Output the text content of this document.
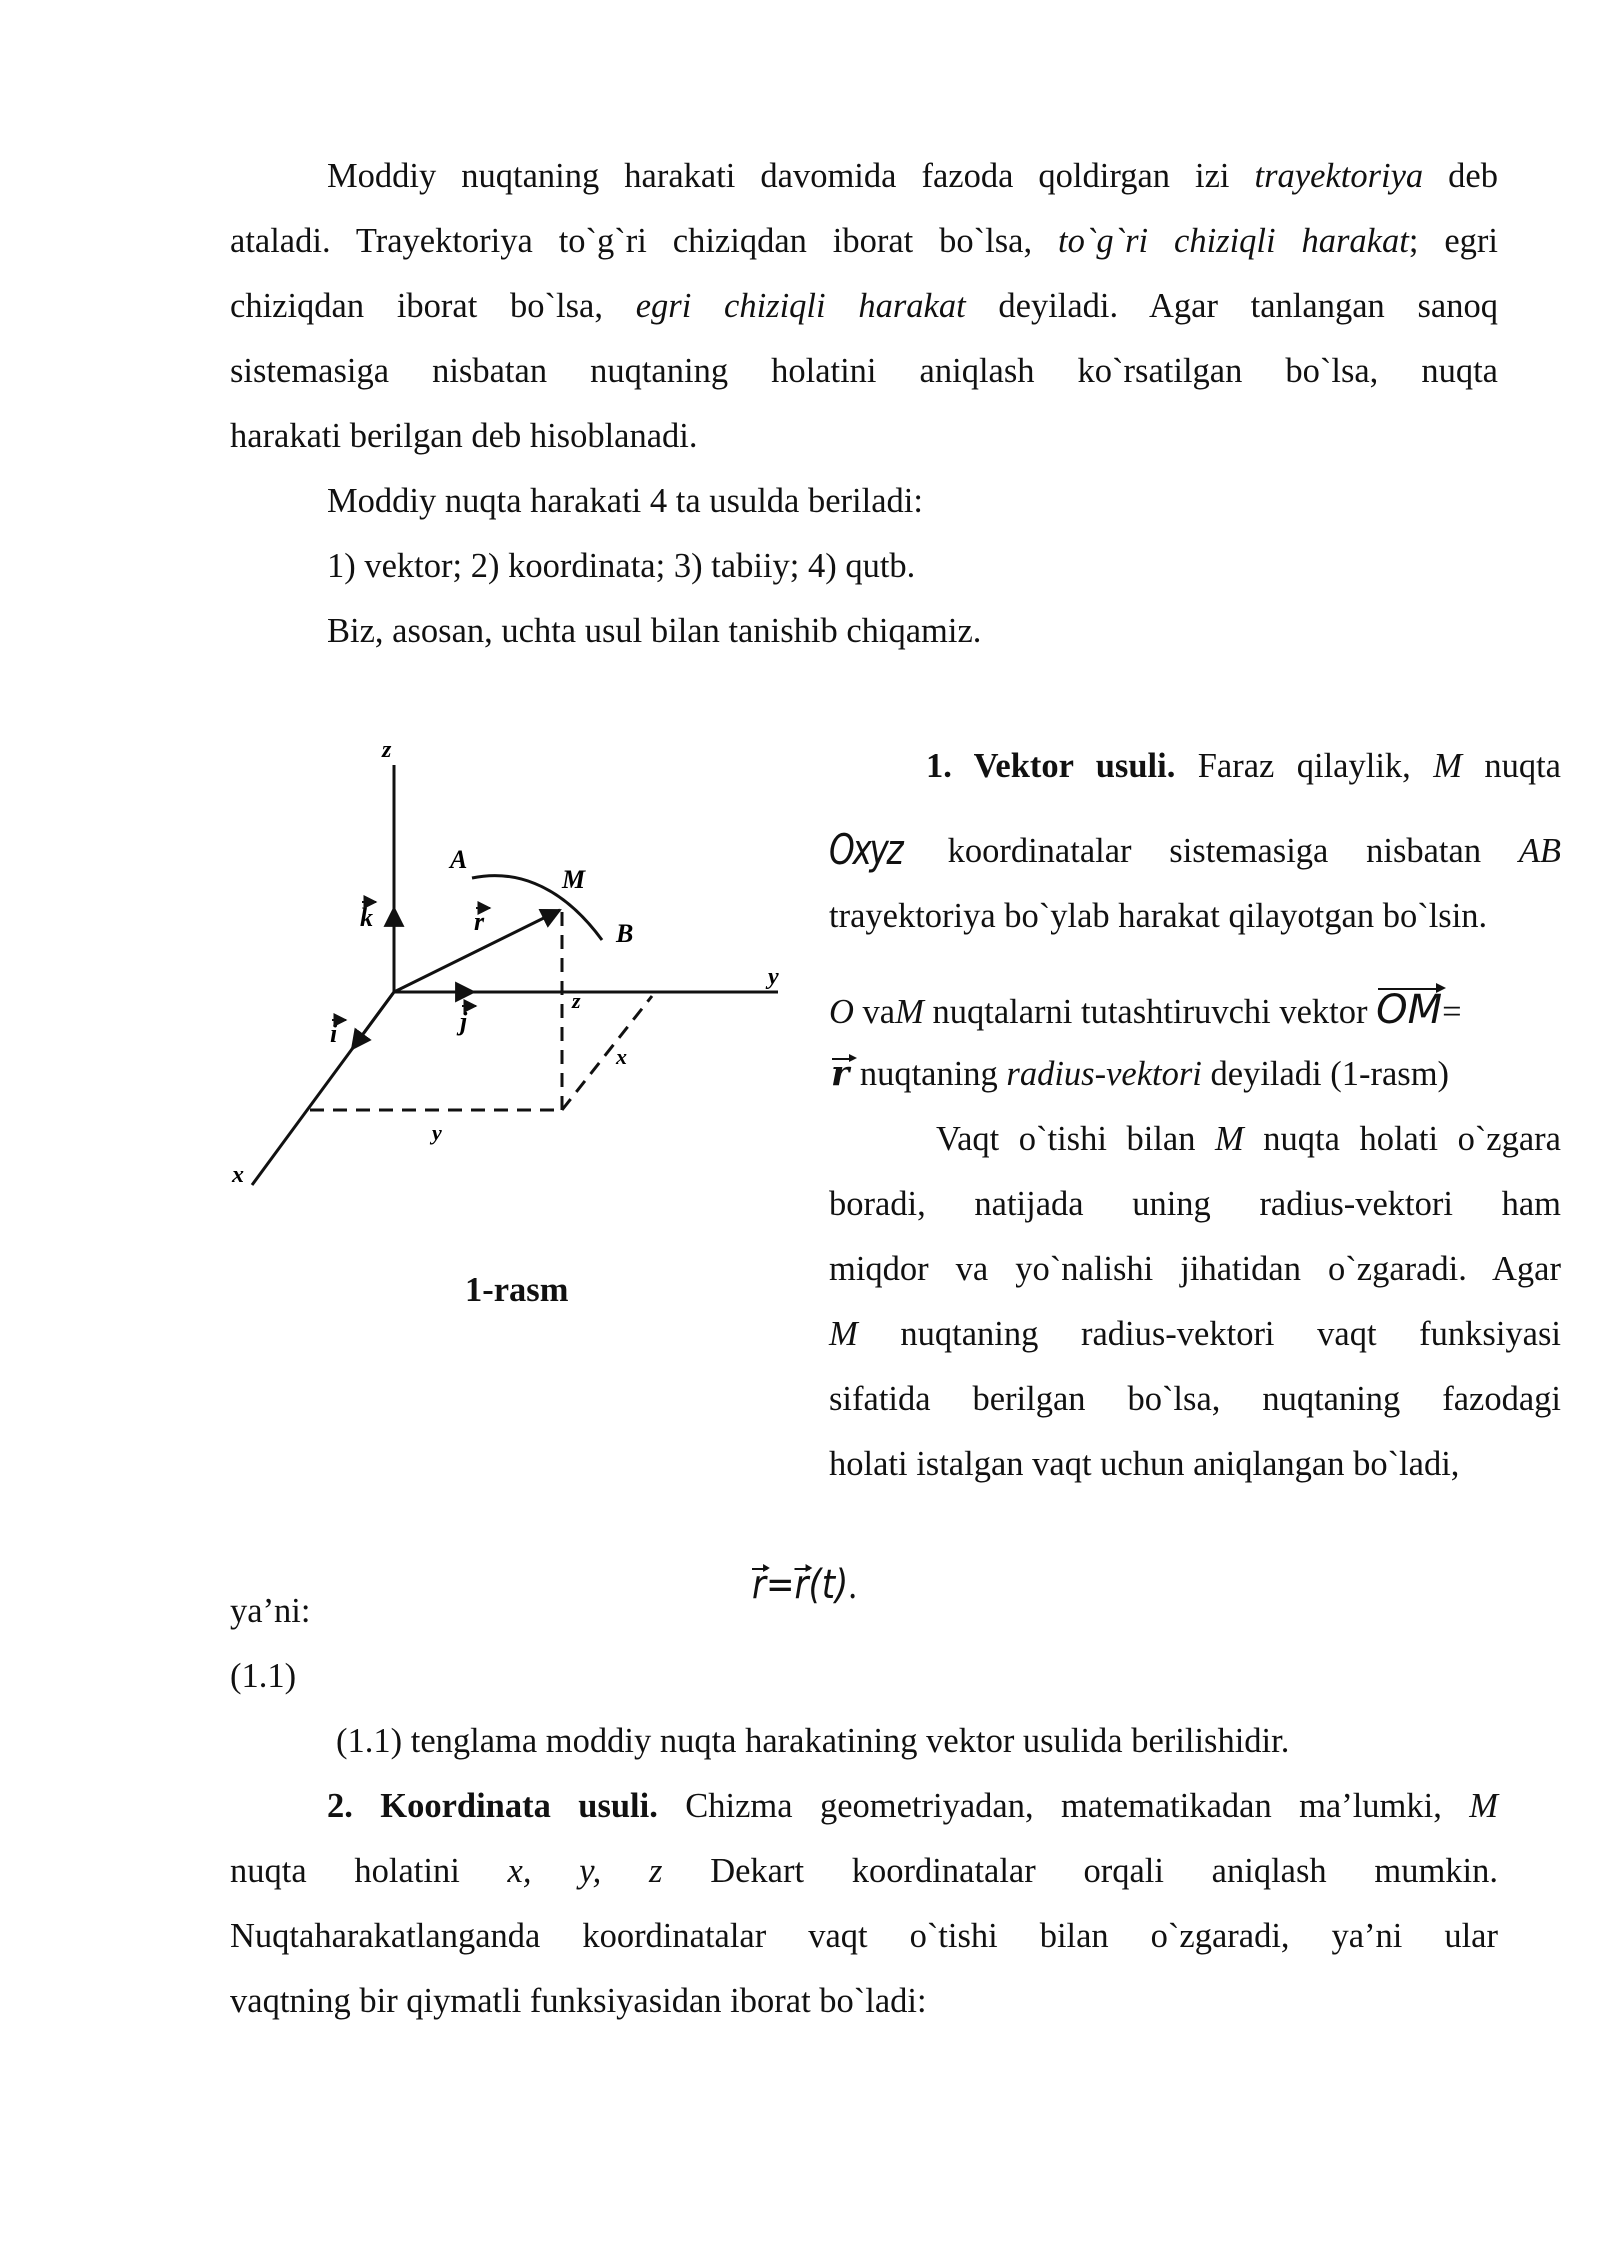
Moddiy nuqtaning harakati davomida fazoda qoldirgan izi trayektoriya deb
ataladi. Trayektoriya to`g`ri chiziqdan iborat bo`lsa, to`g`ri chiziqli harakat; egri
chiziqdan iborat bo`lsa, egri chiziqli harakat deyiladi. Agar tanlangan sanoq
sistemasiga nisbatan nuqtaning holatini aniqlash ko`rsatilgan bo`lsa, nuqta
harakati berilgan deb hisoblanadi.
Moddiy nuqta harakati 4 ta usulda beriladi:
1) vektor; 2) koordinata; 3) tabiiy; 4) qutb.
Biz, asosan, uchta usul bilan tanishib chiqamiz.
z
y
x
k
i	j
r
A
M
B
z
x
y
1-rasm
1. Vektor usuli. Faraz qilaylik, M nuqta
Oxyz koordinatalar sistemasiga nisbatan AB
trayektoriya bo`ylab harakat qilayotgan bo`lsin.
O vaM nuqtalarni tutashtiruvchi vektor OM=
r nuqtaning radius-vektori deyiladi (1-rasm)
Vaqt o`tishi bilan M nuqta holati o`zgara
boradi, natijada uning radius-vektori ham
miqdor va yo`nalishi jihatidan o`zgaradi. Agar
M nuqtaning radius-vektori vaqt funksiyasi
sifatida berilgan bo`lsa, nuqtaning fazodagi
holati istalgan vaqt uchun aniqlangan bo`ladi,
ya’ni:
r=r(t).
(1.1)
(1.1) tenglama moddiy nuqta harakatining vektor usulida berilishidir.
2. Koordinata usuli. Chizma geometriyadan, matematikadan ma’lumki, M
nuqta holatini x, y, z Dekart koordinatalar orqali aniqlash mumkin.
Nuqtaharakatlanganda koordinatalar vaqt o`tishi bilan o`zgaradi, ya’ni ular
vaqtning bir qiymatli funksiyasidan iborat bo`ladi:
